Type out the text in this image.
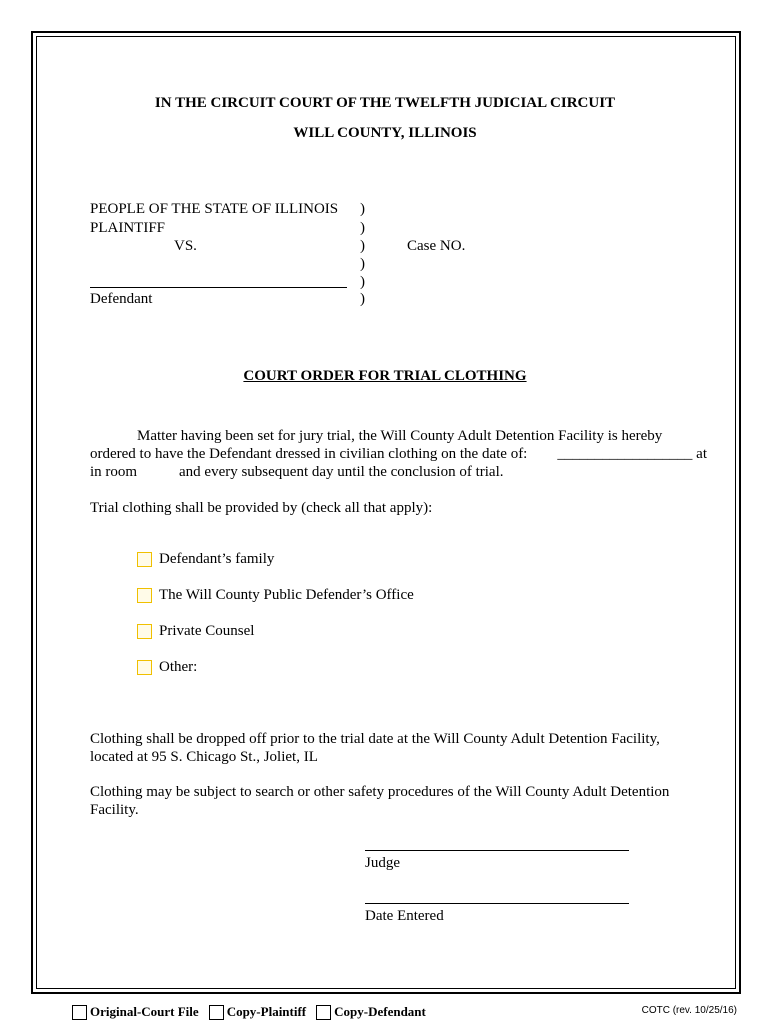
IN THE CIRCUIT COURT OF THE TWELFTH JUDICIAL CIRCUIT
WILL COUNTY, ILLINOIS
PEOPLE OF THE STATE OF ILLINOIS
PLAINTIFF
VS.
Defendant
)
)
)
)
)
)
Case NO.
COURT ORDER FOR TRIAL CLOTHING
Matter having been set for jury trial, the Will County Adult Detention Facility is hereby
ordered to have the Defendant dressed in civilian clothing on the date of: __________________ at
in room	and every subsequent day until the conclusion of trial.
Trial clothing shall be provided by (check all that apply):
Defendant’s family
The Will County Public Defender’s Office
Private Counsel
Other:
Clothing shall be dropped off prior to the trial date at the Will County Adult Detention Facility,
located at 95 S. Chicago St., Joliet, IL
Clothing may be subject to search or other safety procedures of the Will County Adult Detention
Facility.
Judge
Date Entered
Original-Court File Copy-Plaintiff Copy-Defendant	COTC (rev. 10/25/16)
